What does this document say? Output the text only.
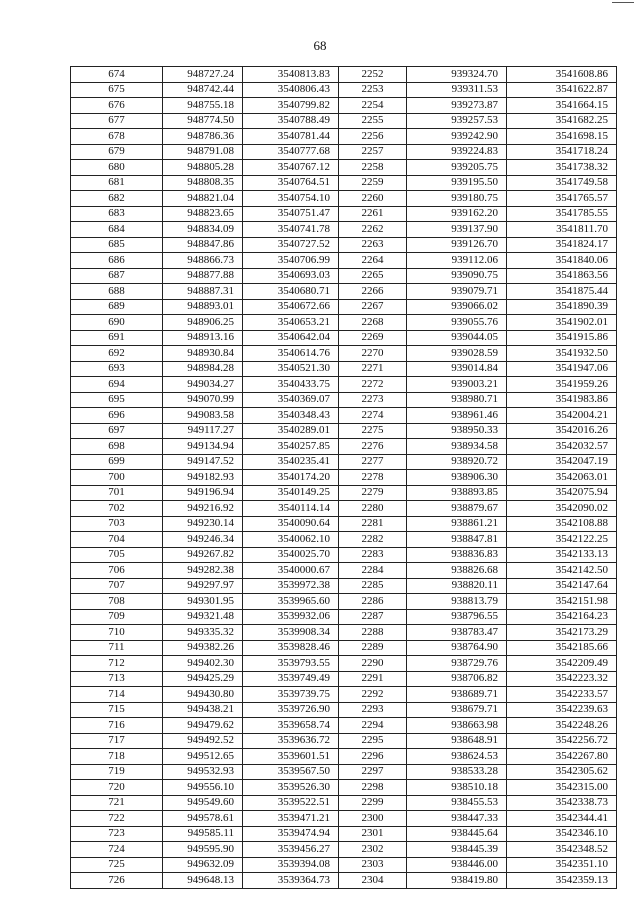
68
674	948727.24	3540813.83	2252	939324.70	3541608.86
675	948742.44	3540806.43	2253	939311.53	3541622.87
676	948755.18	3540799.82	2254	939273.87	3541664.15
677	948774.50	3540788.49	2255	939257.53	3541682.25
678	948786.36	3540781.44	2256	939242.90	3541698.15
679	948791.08	3540777.68	2257	939224.83	3541718.24
680	948805.28	3540767.12	2258	939205.75	3541738.32
681	948808.35	3540764.51	2259	939195.50	3541749.58
682	948821.04	3540754.10	2260	939180.75	3541765.57
683	948823.65	3540751.47	2261	939162.20	3541785.55
684	948834.09	3540741.78	2262	939137.90	3541811.70
685	948847.86	3540727.52	2263	939126.70	3541824.17
686	948866.73	3540706.99	2264	939112.06	3541840.06
687	948877.88	3540693.03	2265	939090.75	3541863.56
688	948887.31	3540680.71	2266	939079.71	3541875.44
689	948893.01	3540672.66	2267	939066.02	3541890.39
690	948906.25	3540653.21	2268	939055.76	3541902.01
691	948913.16	3540642.04	2269	939044.05	3541915.86
692	948930.84	3540614.76	2270	939028.59	3541932.50
693	948984.28	3540521.30	2271	939014.84	3541947.06
694	949034.27	3540433.75	2272	939003.21	3541959.26
695	949070.99	3540369.07	2273	938980.71	3541983.86
696	949083.58	3540348.43	2274	938961.46	3542004.21
697	949117.27	3540289.01	2275	938950.33	3542016.26
698	949134.94	3540257.85	2276	938934.58	3542032.57
699	949147.52	3540235.41	2277	938920.72	3542047.19
700	949182.93	3540174.20	2278	938906.30	3542063.01
701	949196.94	3540149.25	2279	938893.85	3542075.94
702	949216.92	3540114.14	2280	938879.67	3542090.02
703	949230.14	3540090.64	2281	938861.21	3542108.88
704	949246.34	3540062.10	2282	938847.81	3542122.25
705	949267.82	3540025.70	2283	938836.83	3542133.13
706	949282.38	3540000.67	2284	938826.68	3542142.50
707	949297.97	3539972.38	2285	938820.11	3542147.64
708	949301.95	3539965.60	2286	938813.79	3542151.98
709	949321.48	3539932.06	2287	938796.55	3542164.23
710	949335.32	3539908.34	2288	938783.47	3542173.29
711	949382.26	3539828.46	2289	938764.90	3542185.66
712	949402.30	3539793.55	2290	938729.76	3542209.49
713	949425.29	3539749.49	2291	938706.82	3542223.32
714	949430.80	3539739.75	2292	938689.71	3542233.57
715	949438.21	3539726.90	2293	938679.71	3542239.63
716	949479.62	3539658.74	2294	938663.98	3542248.26
717	949492.52	3539636.72	2295	938648.91	3542256.72
718	949512.65	3539601.51	2296	938624.53	3542267.80
719	949532.93	3539567.50	2297	938533.28	3542305.62
720	949556.10	3539526.30	2298	938510.18	3542315.00
721	949549.60	3539522.51	2299	938455.53	3542338.73
722	949578.61	3539471.21	2300	938447.33	3542344.41
723	949585.11	3539474.94	2301	938445.64	3542346.10
724	949595.90	3539456.27	2302	938445.39	3542348.52
725	949632.09	3539394.08	2303	938446.00	3542351.10
726	949648.13	3539364.73	2304	938419.80	3542359.13
